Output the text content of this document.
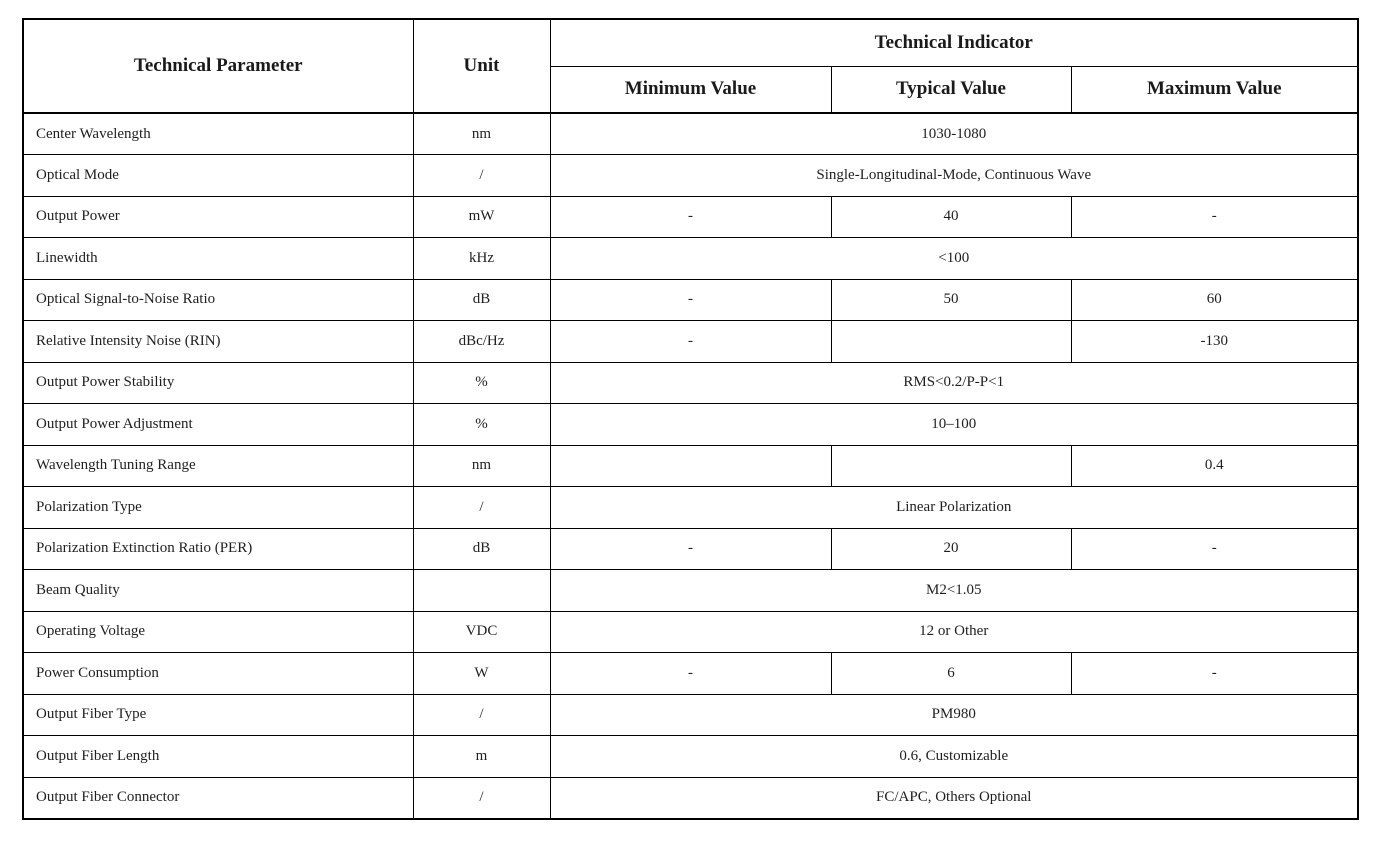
Technical Parameter	Unit	Technical Indicator		
		Minimum Value	Typical Value	Maximum Value
Center Wavelength	nm	1030-1080		
Optical Mode	/	Single-Longitudinal-Mode, Continuous Wave		
Output Power	mW	-	40	-
Linewidth	kHz	<100		
Optical Signal-to-Noise Ratio	dB	-	50	60
Relative Intensity Noise (RIN)	dBc/Hz	-		-130
Output Power Stability	%	RMS<0.2/P-P<1		
Output Power Adjustment	%	10–100		
Wavelength Tuning Range	nm			0.4
Polarization Type	/	Linear Polarization		
Polarization Extinction Ratio (PER)	dB	-	20	-
Beam Quality		M2<1.05		
Operating Voltage	VDC	12 or Other		
Power Consumption	W	-	6	-
Output Fiber Type	/	PM980		
Output Fiber Length	m	0.6, Customizable		
Output Fiber Connector	/	FC/APC, Others Optional		
